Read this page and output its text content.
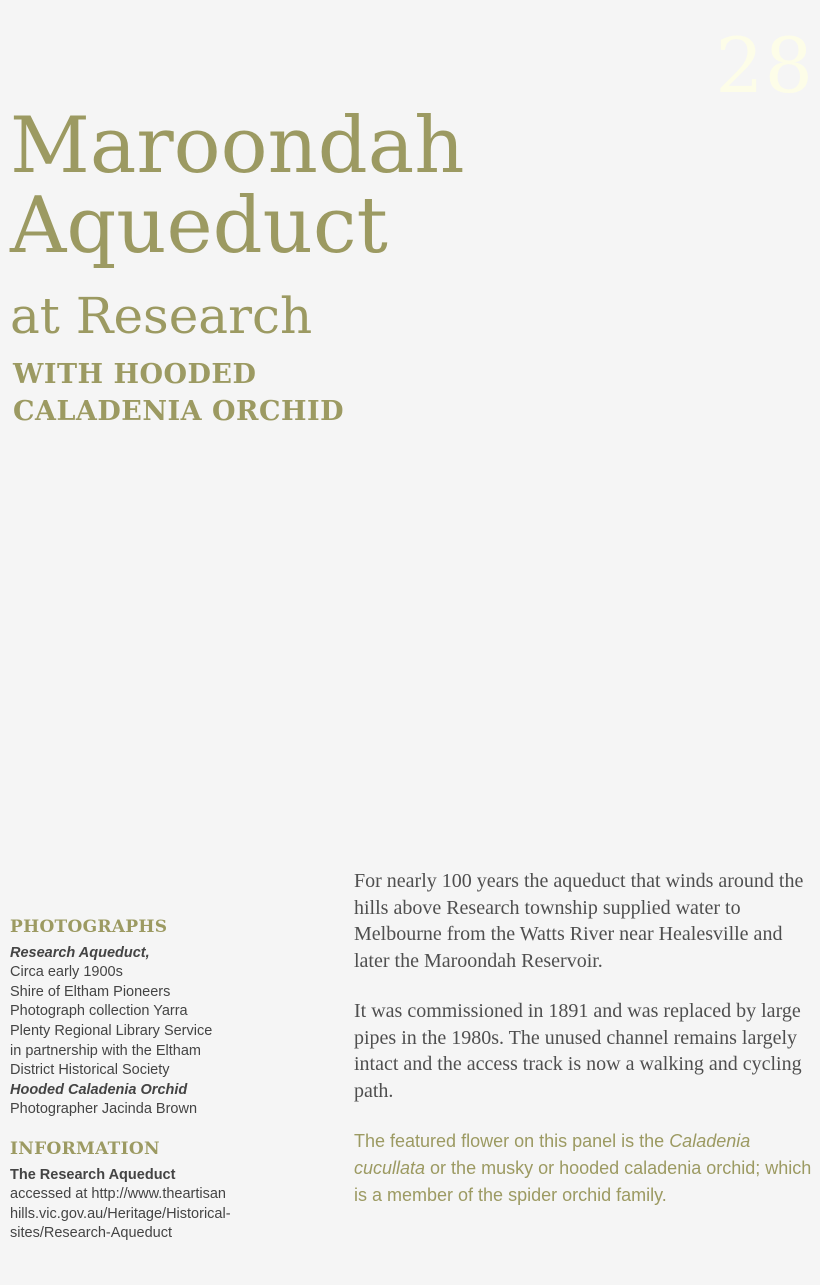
28
Maroondah
Aqueduct
at Research
WITH HOODED
CALADENIA ORCHID
PHOTOGRAPHS
Research Aqueduct,
Circa early 1900s
Shire of Eltham Pioneers
Photograph collection Yarra
Plenty Regional Library Service
in partnership with the Eltham
District Historical Society
Hooded Caladenia Orchid
Photographer Jacinda Brown
INFORMATION
The Research Aqueduct
accessed at http://www.theartisan
hills.vic.gov.au/Heritage/Historical-
sites/Research-Aqueduct

For nearly 100 years the aqueduct that winds around the hills above Research township supplied water to Melbourne from the Watts River near Healesville and later the Maroondah Reservoir.

It was commissioned in 1891 and was replaced by large pipes in the 1980s. The unused channel remains largely intact and the access track is now a walking and cycling path.

The featured flower on this panel is the Caladenia cucullata or the musky or hooded caladenia orchid; which is a member of the spider orchid family.
